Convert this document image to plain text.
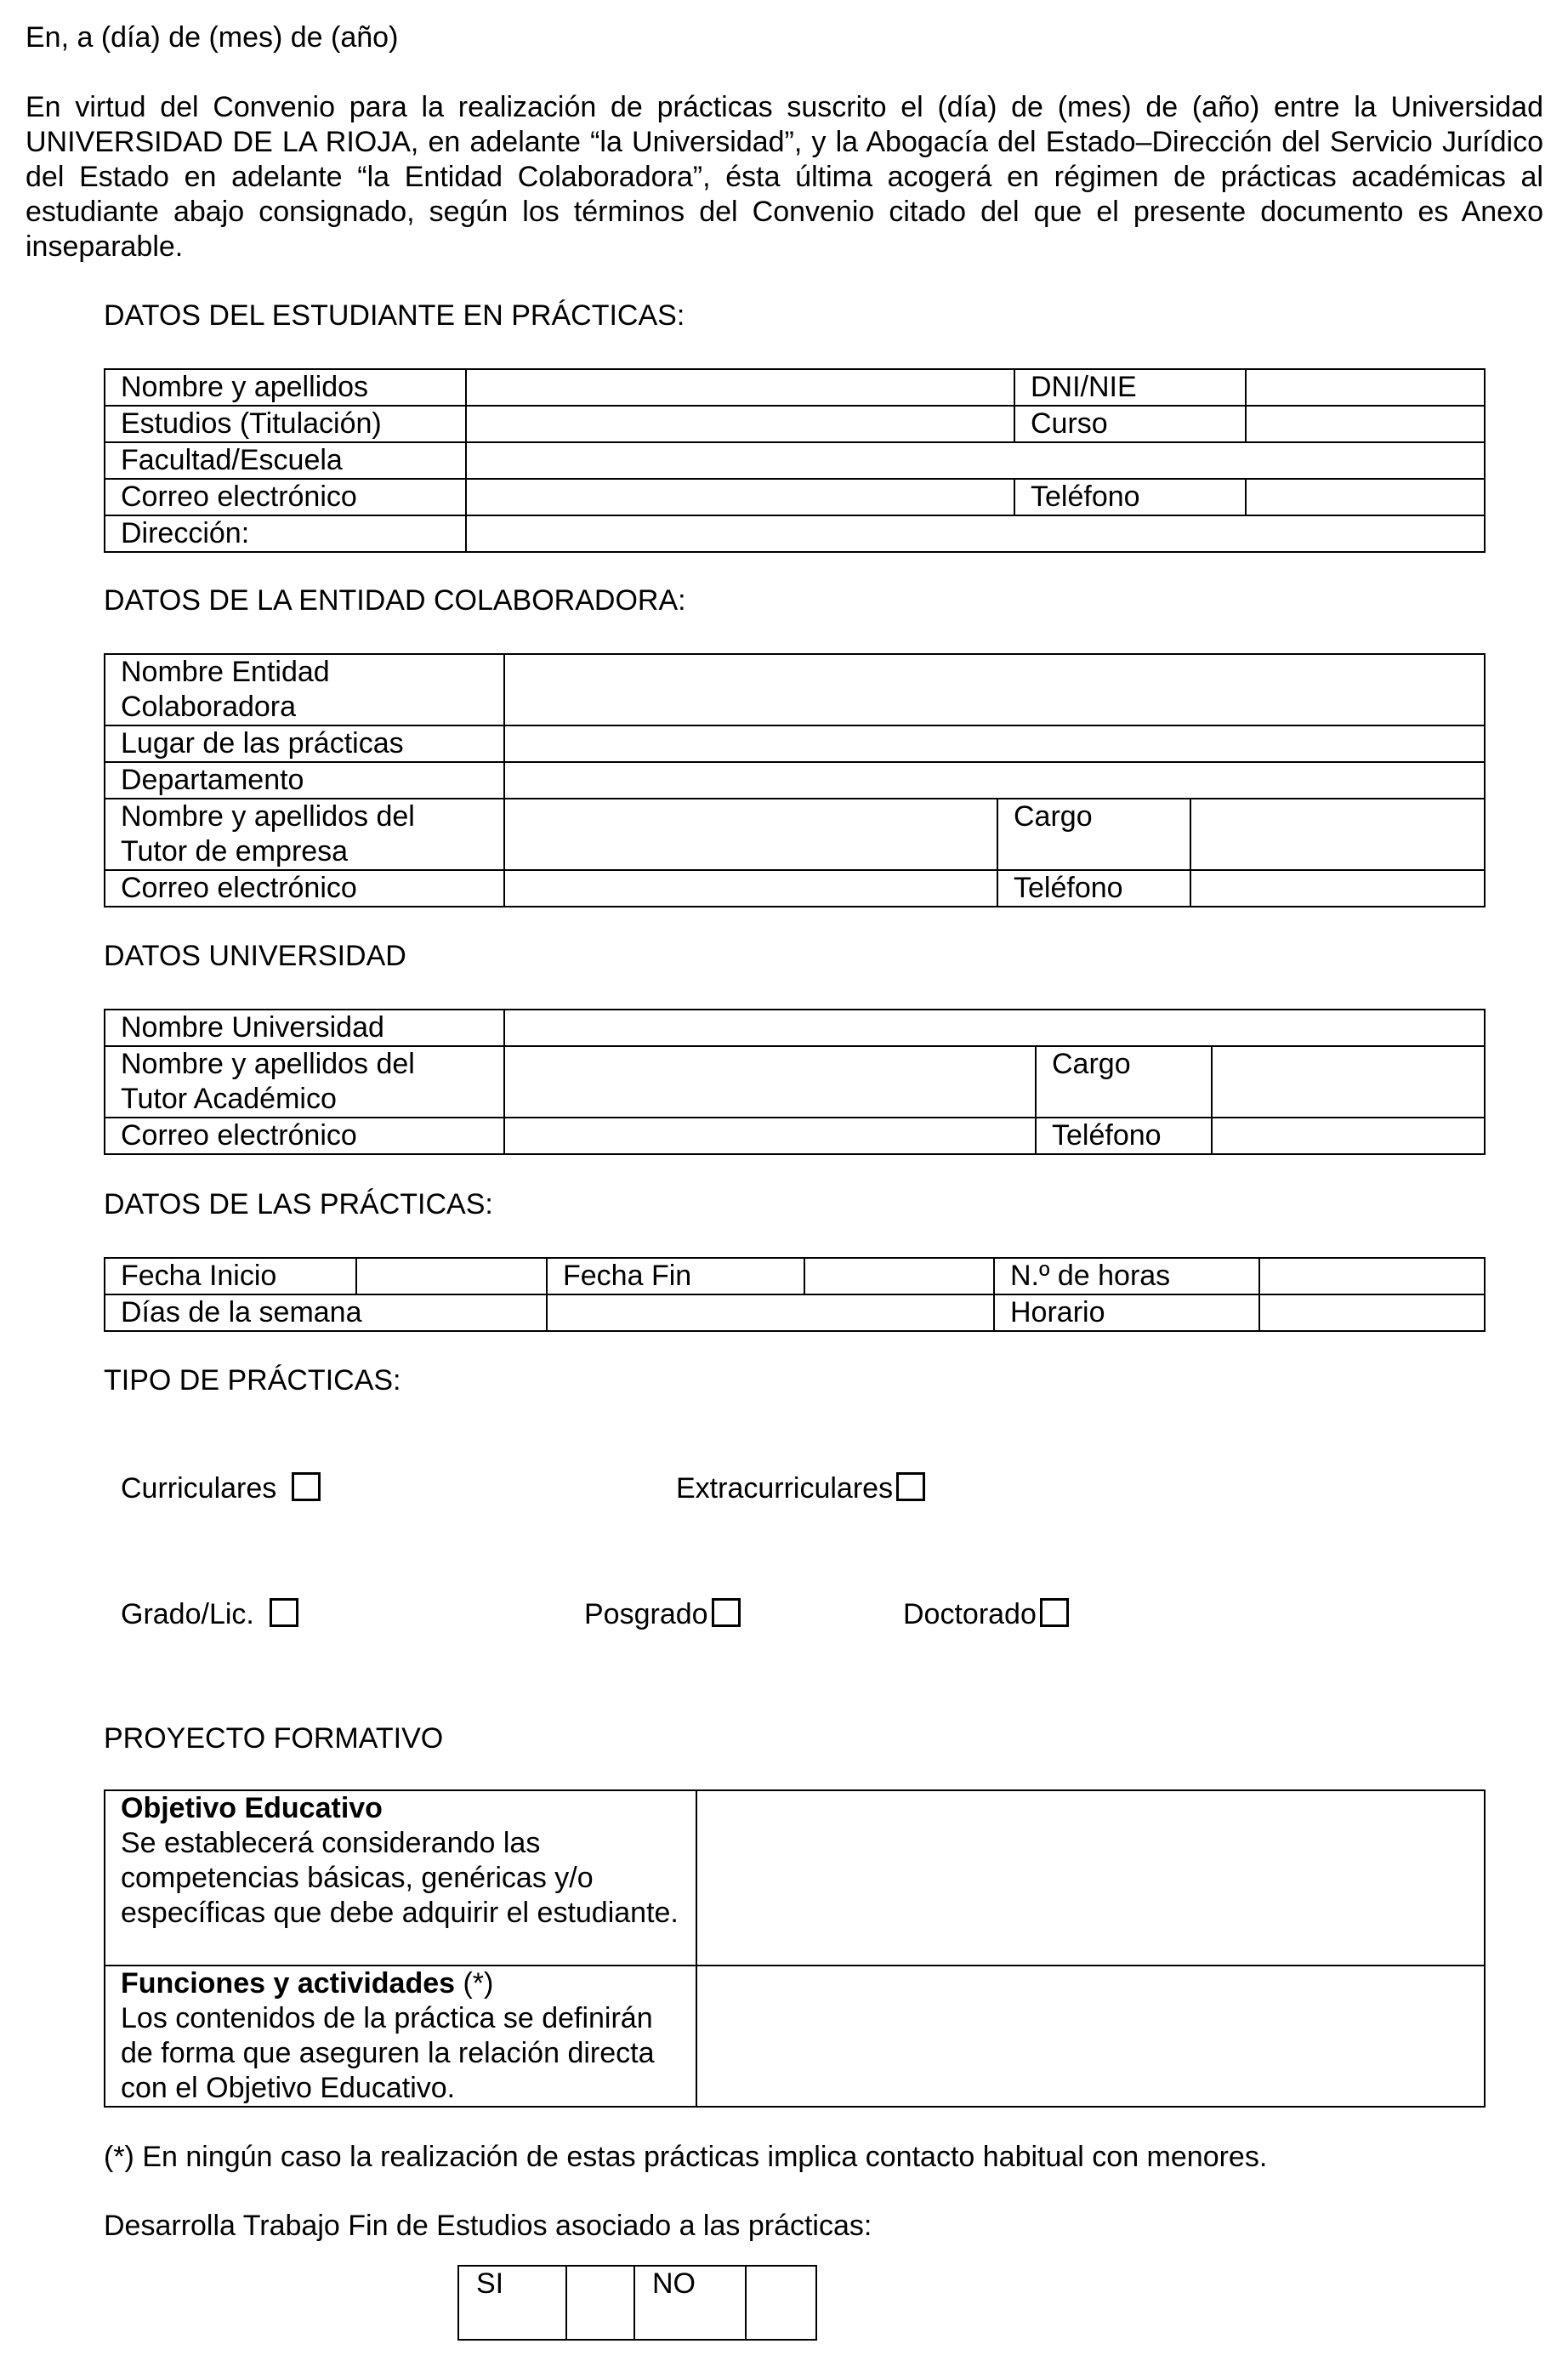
En, a (día) de (mes) de (año)

En virtud del Convenio para la realización de prácticas suscrito el (día) de (mes) de (año) entre la Universidad UNIVERSIDAD DE LA RIOJA, en adelante “la Universidad”, y la Abogacía del Estado–Dirección del Servicio Jurídico del Estado en adelante “la Entidad Colaboradora”, ésta última acogerá en régimen de prácticas académicas al estudiante abajo consignado, según los términos del Convenio citado del que el presente documento es Anexo inseparable.

DATOS DEL ESTUDIANTE EN PRÁCTICAS:

Nombre y apellidos		DNI/NIE	
Estudios (Titulación)		Curso	
Facultad/Escuela			
Correo electrónico		Teléfono	
Dirección:			

DATOS DE LA ENTIDAD COLABORADORA:

Nombre Entidad
Colaboradora			

Lugar de las prácticas			
Departamento			

Nombre y apellidos del
Tutor de empresa		Cargo	
Correo electrónico		Teléfono	

DATOS UNIVERSIDAD

Nombre Universidad			

Nombre y apellidos del
Tutor Académico		Cargo	
Correo electrónico		Teléfono	

DATOS DE LAS PRÁCTICAS:

Fecha Inicio		Fecha Fin		N.º de horas	
Días de la semana				Horario	

TIPO DE PRÁCTICAS:

Curriculares	Extracurriculares
Grado/Lic.	Posgrado	Doctorado

PROYECTO FORMATIVO

Objetivo Educativo
Se establecerá considerando las competencias básicas, genéricas y/o específicas que debe adquirir el estudiante.	

Funciones y actividades (*)
Los contenidos de la práctica se definirán de forma que aseguren la relación directa con el Objetivo Educativo.	

(*) En ningún caso la realización de estas prácticas implica contacto habitual con menores.

Desarrolla Trabajo Fin de Estudios asociado a las prácticas:

SI		NO	
